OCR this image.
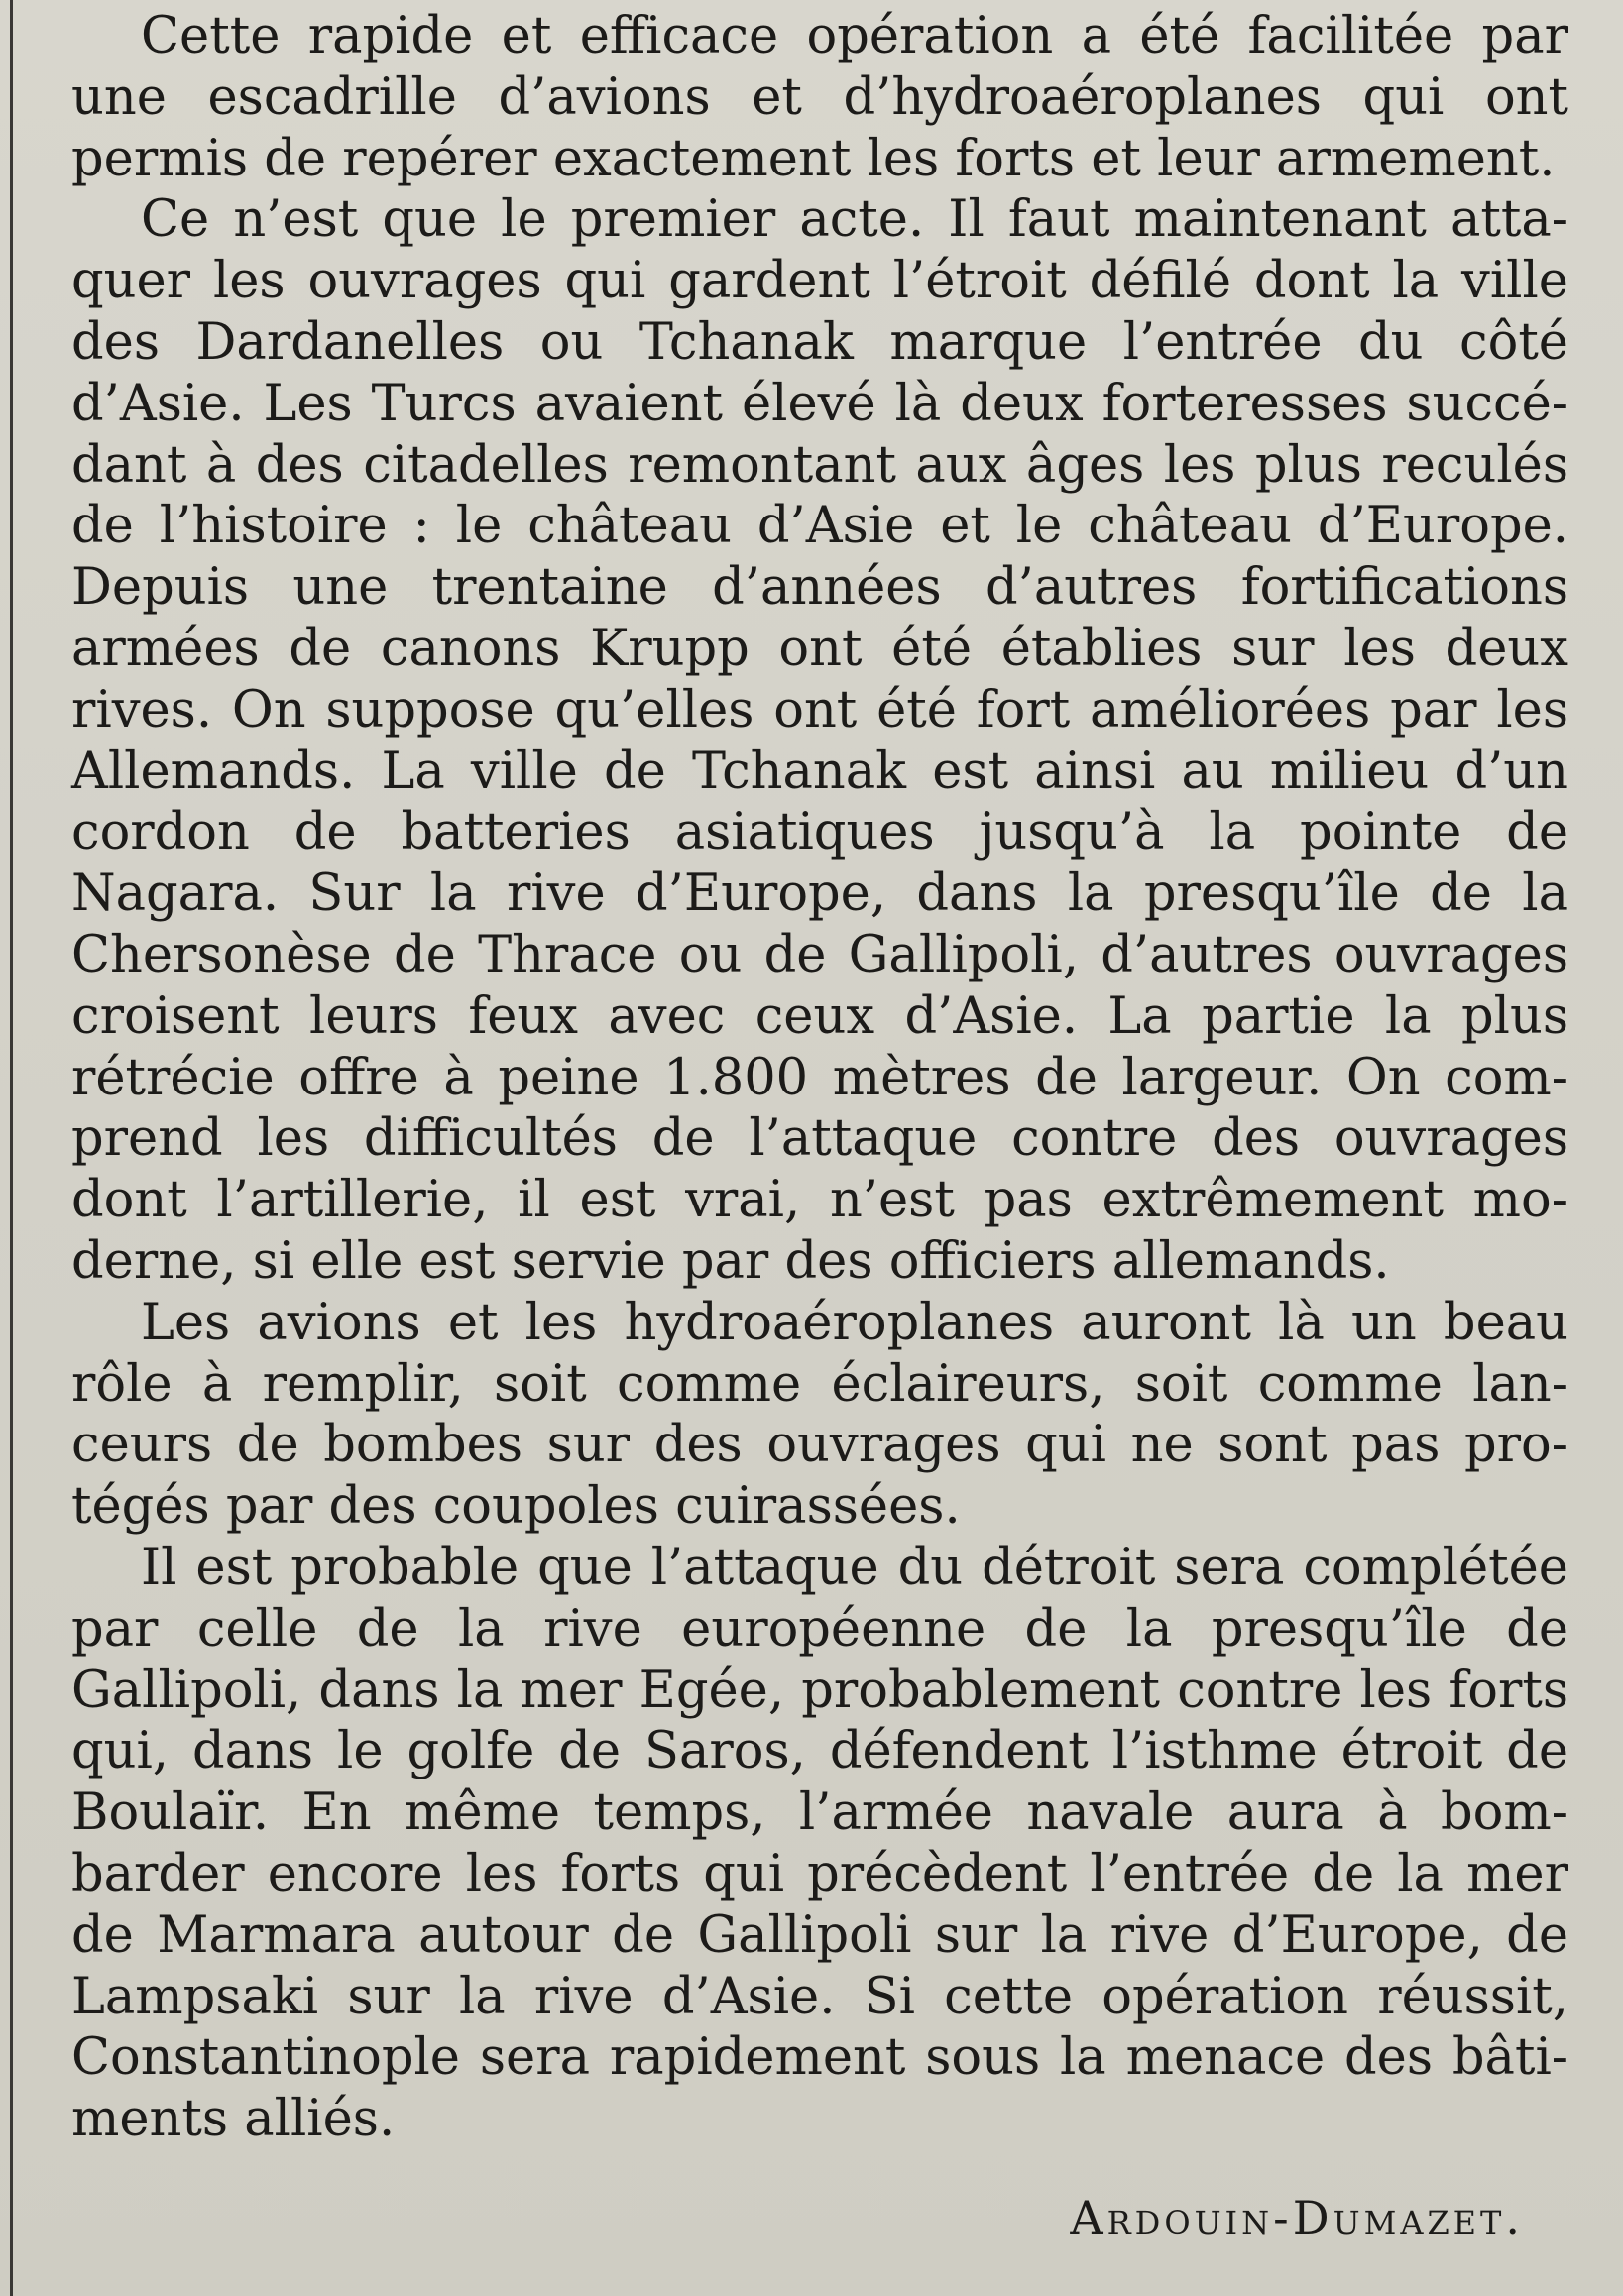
Cette rapide et efficace opération a été facilitée par une escadrille d’avions et d’hydroaéroplanes qui ont permis de repérer exactement les forts et leur armement.

Ce n’est que le premier acte. Il faut maintenant attaquer les ouvrages qui gardent l’étroit défilé dont la ville des Dardanelles ou Tchanak marque l’entrée du côté d’Asie. Les Turcs avaient élevé là deux forteresses succédant à des citadelles remontant aux âges les plus reculés de l’histoire : le château d’Asie et le château d’Europe. Depuis une trentaine d’années d’autres fortifications armées de canons Krupp ont été établies sur les deux rives. On suppose qu’elles ont été fort améliorées par les Allemands. La ville de Tchanak est ainsi au milieu d’un cordon de batteries asiatiques jusqu’à la pointe de Nagara. Sur la rive d’Europe, dans la presqu’île de la Chersonèse de Thrace ou de Gallipoli, d’autres ouvrages croisent leurs feux avec ceux d’Asie. La partie la plus rétrécie offre à peine 1.800 mètres de largeur. On comprend les difficultés de l’attaque contre des ouvrages dont l’artillerie, il est vrai, n’est pas extrêmement moderne, si elle est servie par des officiers allemands.

Les avions et les hydroaéroplanes auront là un beau rôle à remplir, soit comme éclaireurs, soit comme lanceurs de bombes sur des ouvrages qui ne sont pas protégés par des coupoles cuirassées.

Il est probable que l’attaque du détroit sera complétée par celle de la rive européenne de la presqu’île de Gallipoli, dans la mer Egée, probablement contre les forts qui, dans le golfe de Saros, défendent l’isthme étroit de Boulaïr. En même temps, l’armée navale aura à bombarder encore les forts qui précèdent l’entrée de la mer de Marmara autour de Gallipoli sur la rive d’Europe, de Lampsaki sur la rive d’Asie. Si cette opération réussit, Constantinople sera rapidement sous la menace des bâtiments alliés.

Ardouin-Dumazet.
